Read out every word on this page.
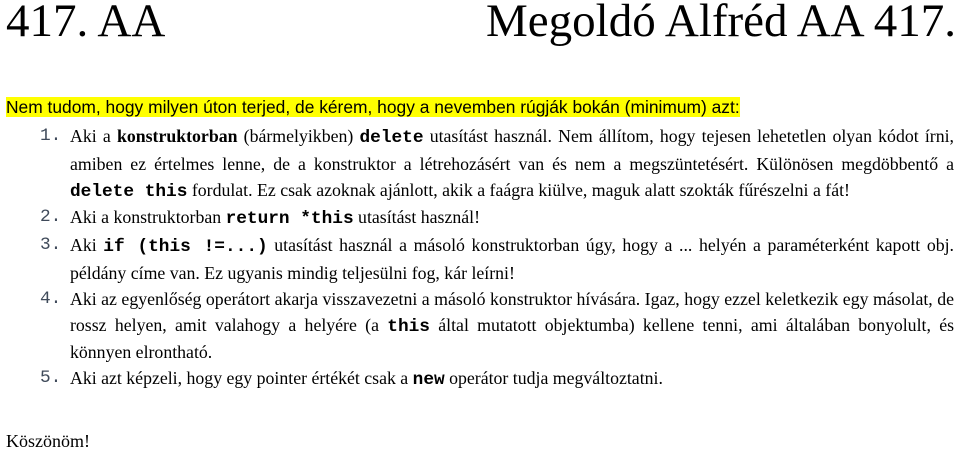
417. AA	Megoldó Alfréd AA 417.
Nem tudom, hogy milyen úton terjed, de kérem, hogy a nevemben rúgják bokán (minimum) azt:
1. Aki a konstruktorban (bármelyikben) delete utasítást használ. Nem állítom, hogy tejesen lehetetlen olyan kódot írni, amiben ez értelmes lenne, de a konstruktor a létrehozásért van és nem a megszüntetésért. Különösen megdöbbentő a delete this fordulat. Ez csak azoknak ajánlott, akik a faágra kiülve, maguk alatt szokták fűrészelni a fát!
2. Aki a konstruktorban return *this utasítást használ!
3. Aki if (this !=...) utasítást használ a másoló konstruktorban úgy, hogy a ... helyén a paraméterként kapott obj. példány címe van. Ez ugyanis mindig teljesülni fog, kár leírni!
4. Aki az egyenlőség operátort akarja visszavezetni a másoló konstruktor hívására. Igaz, hogy ezzel keletkezik egy másolat, de rossz helyen, amit valahogy a helyére (a this által mutatott objektumba) kellene tenni, ami általában bonyolult, és könnyen elrontható.
5. Aki azt képzeli, hogy egy pointer értékét csak a new operátor tudja megváltoztatni.
Köszönöm!
